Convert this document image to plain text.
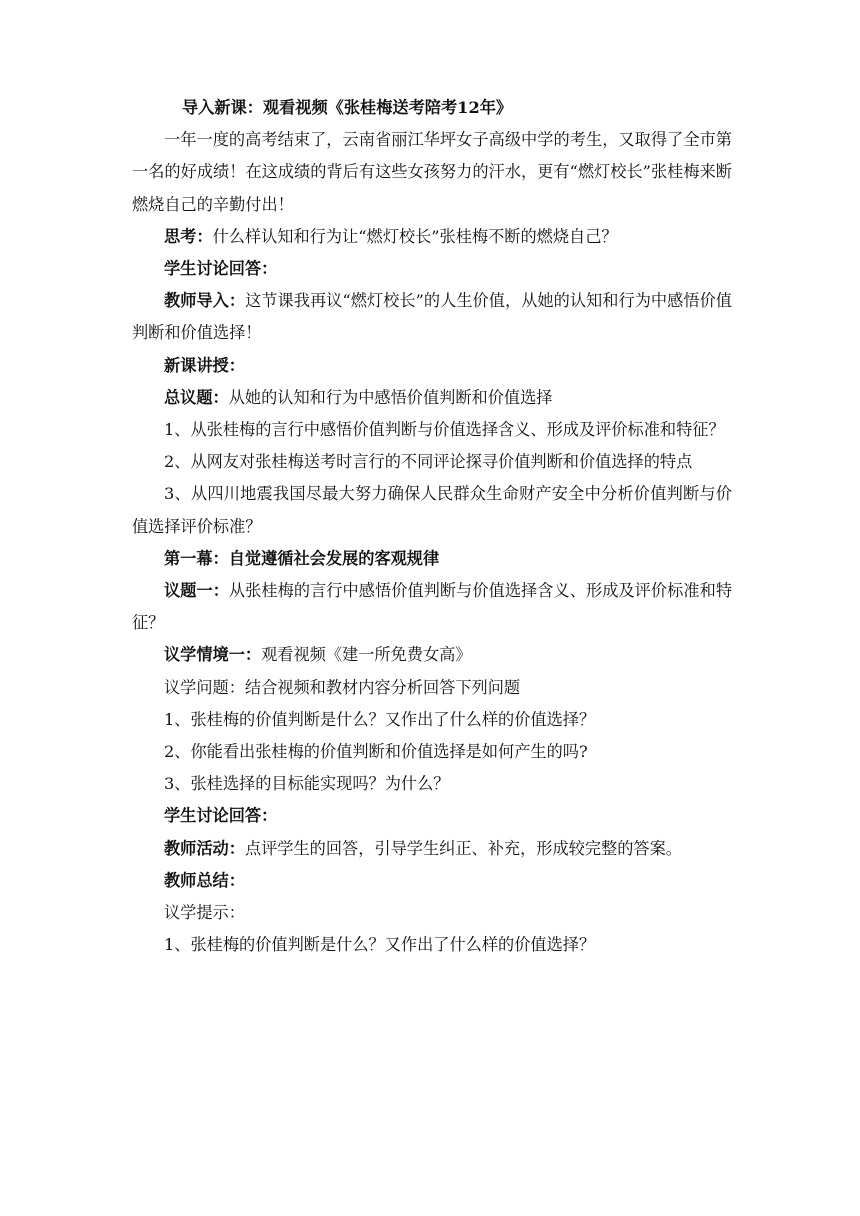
导入新课：观看视频《张桂梅送考陪考12年》

一年一度的高考结束了，云南省丽江华坪女子高级中学的考生，又取得了全市第一名的好成绩！在这成绩的背后有这些女孩努力的汗水，更有“燃灯校长”张桂梅来断燃烧自己的辛勤付出！

思考：什么样认知和行为让“燃灯校长”张桂梅不断的燃烧自己？

学生讨论回答：

教师导入：这节课我再议“燃灯校长”的人生价值，从她的认知和行为中感悟价值判断和价值选择！

新课讲授：

总议题：从她的认知和行为中感悟价值判断和价值选择

1、从张桂梅的言行中感悟价值判断与价值选择含义、形成及评价标准和特征？

2、从网友对张桂梅送考时言行的不同评论探寻价值判断和价值选择的特点

3、从四川地震我国尽最大努力确保人民群众生命财产安全中分析价值判断与价值选择评价标准？

第一幕：自觉遵循社会发展的客观规律

议题一：从张桂梅的言行中感悟价值判断与价值选择含义、形成及评价标准和特征？

议学情境一：观看视频《建一所免费女高》

议学问题：结合视频和教材内容分析回答下列问题

1、张桂梅的价值判断是什么？又作出了什么样的价值选择？

2、你能看出张桂梅的价值判断和价值选择是如何产生的吗?

3、张桂选择的目标能实现吗？为什么？

学生讨论回答：

教师活动：点评学生的回答，引导学生纠正、补充，形成较完整的答案。

教师总结：

议学提示：

1、张桂梅的价值判断是什么？又作出了什么样的价值选择？
